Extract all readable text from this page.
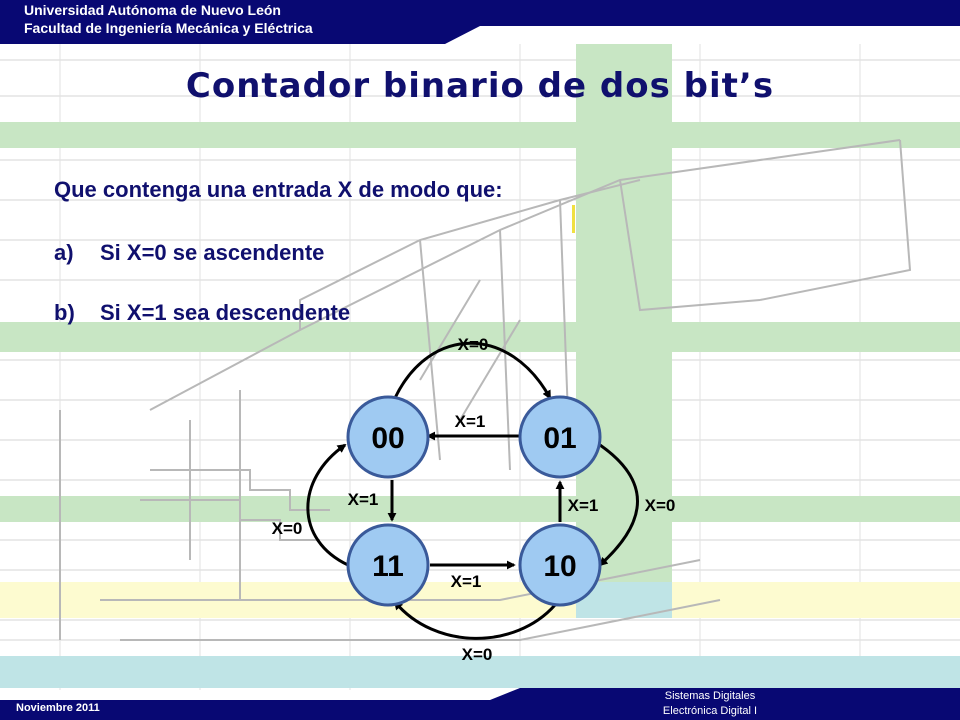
Universidad Autónoma de Nuevo León
Facultad de Ingeniería Mecánica y Eléctrica
Contador binario de dos bit’s
Que contenga una entrada X de modo que:
a) Si X=0 se ascendente
b) Si X=1 sea descendente
00	01
10
11
X=0
X=1
X=0
X=1
X=0
X=1
X=0
X=1
Noviembre 2011
Sistemas Digitales
Electrónica Digital I
